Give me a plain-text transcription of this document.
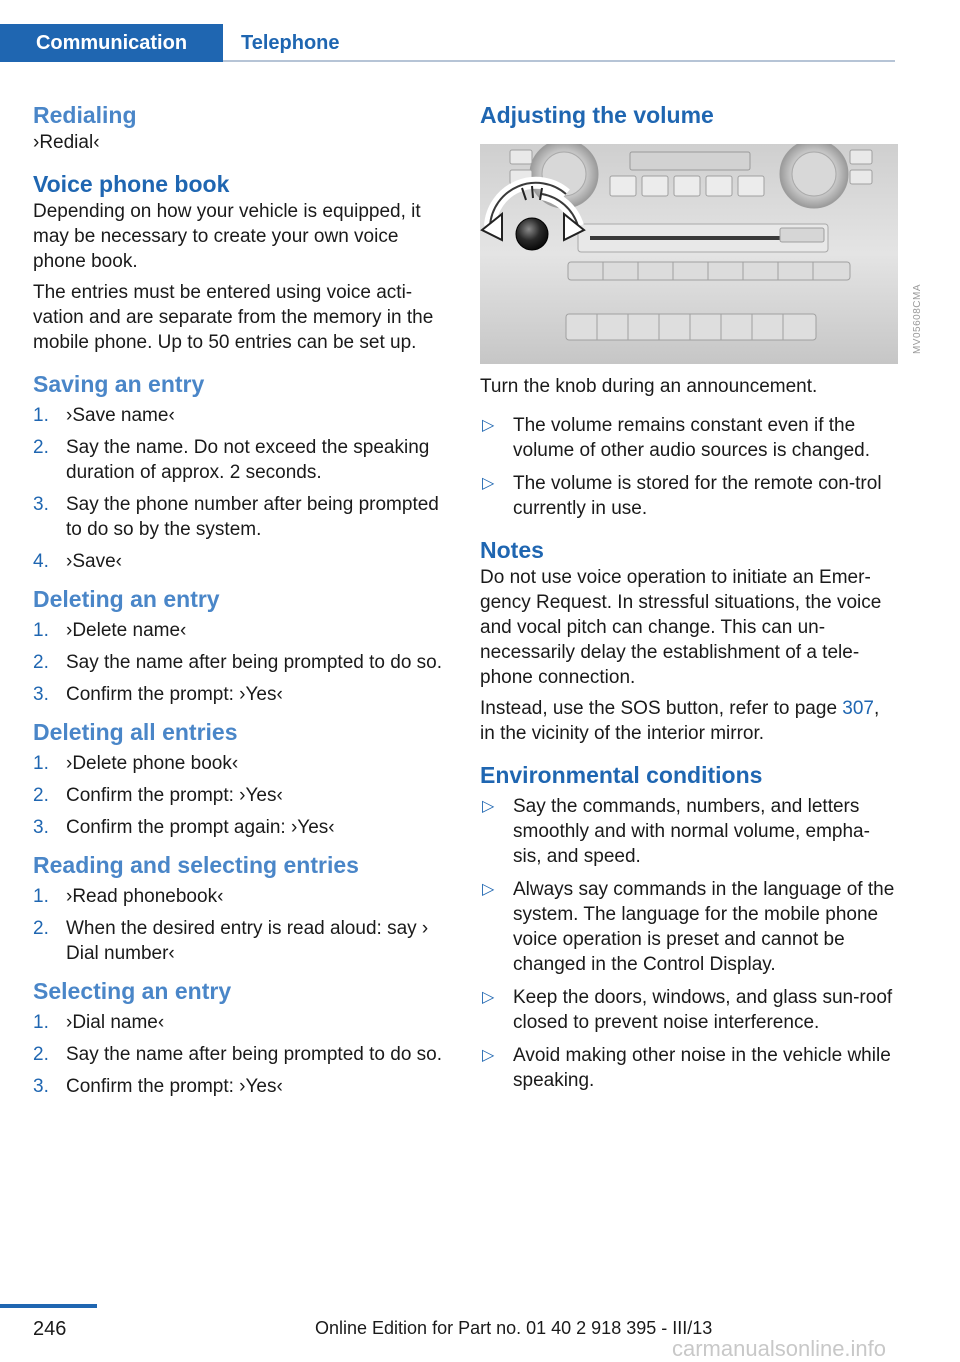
Communication	Telephone
Redialing

›Redial‹

Voice phone book

Depending on how your vehicle is equipped, it may be necessary to create your own voice phone book.

The entries must be entered using voice acti-vation and are separate from the memory in the mobile phone. Up to 50 entries can be set up.

Saving an entry
1. ›Save name‹
2. Say the name. Do not exceed the speaking duration of approx. 2 seconds.
3. Say the phone number after being prompted to do so by the system.
4. ›Save‹
Deleting an entry
1. ›Delete name‹
2. Say the name after being prompted to do so.
3. Confirm the prompt: ›Yes‹
Deleting all entries
1. ›Delete phone book‹
2. Confirm the prompt: ›Yes‹
3. Confirm the prompt again: ›Yes‹
Reading and selecting entries
1. ›Read phonebook‹
2. When the desired entry is read aloud: say › Dial number‹
Selecting an entry
1. ›Dial name‹
2. Say the name after being prompted to do so.
3. Confirm the prompt: ›Yes‹
Adjusting the volume
MV05608CMA

Turn the knob during an announcement.

▷ The volume remains constant even if the volume of other audio sources is changed.
▷ The volume is stored for the remote con-trol currently in use.
Notes

Do not use voice operation to initiate an Emer-gency Request. In stressful situations, the voice and vocal pitch can change. This can un-necessarily delay the establishment of a tele-phone connection.

Instead, use the SOS button, refer to page 307, in the vicinity of the interior mirror.

Environmental conditions
▷ Say the commands, numbers, and letters smoothly and with normal volume, empha-sis, and speed.
▷ Always say commands in the language of the system. The language for the mobile phone voice operation is preset and cannot be changed in the Control Display.
▷ Keep the doors, windows, and glass sun-roof closed to prevent noise interference.
▷ Avoid making other noise in the vehicle while speaking.
246	Online Edition for Part no. 01 40 2 918 395 - III/13
carmanualsonline.info
